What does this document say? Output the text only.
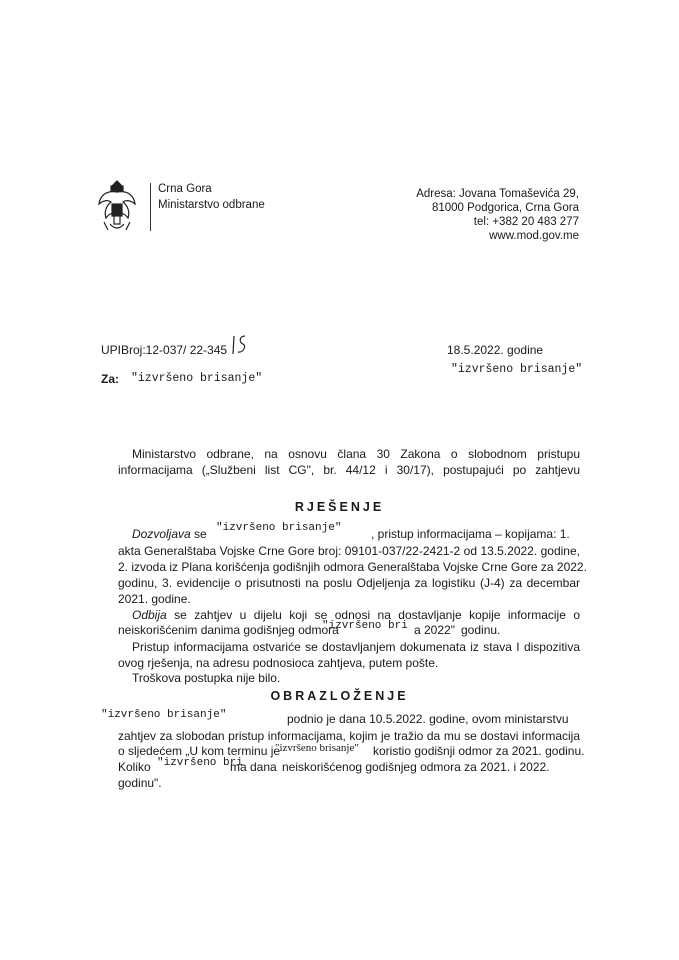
Crna Gora
Ministarstvo odbrane
Adresa: Jovana Tomaševića 29,
81000 Podgorica, Crna Gora
tel: +382 20 483 277
www.mod.gov.me
UPIBroj:12-037/ 22-345	18.5.2022. godine
"izvršeno brisanje"
Za: "izvršeno brisanje"
Ministarstvo odbrane, na osnovu člana 30 Zakona o slobodnom pristupu
informacijama („Službeni list CG", br. 44/12 i 30/17), postupajući po zahtjevu
RJEŠENJE
Dozvoljava se "izvršeno brisanje" , pristup informacijama – kopijama: 1.
akta Generalštaba Vojske Crne Gore broj: 09101-037/22-2421-2 od 13.5.2022. godine,
2. izvoda iz Plana korišćenja godišnjih odmora Generalštaba Vojske Crne Gore za 2022.
godinu, 3. evidencije o prisutnosti na poslu Odjeljenja za logistiku (J-4) za decembar
2021. godine.
Odbija se zahtjev u dijelu koji se odnosi na dostavljanje kopije informacije o
neiskorišćenim danima godišnjeg odmora
"izvršeno bri a 2022" godinu.
Pristup informacijama ostvariće se dostavljanjem dokumenata iz stava I dispozitiva
ovog rješenja, na adresu podnosioca zahtjeva, putem pošte.
Troškova postupka nije bilo.
OBRAZLOŽENJE
"izvršeno brisanje"	podnio je dana 10.5.2022. godine, ovom ministarstvu
zahtjev za slobodan pristup informacijama, kojim je tražio da mu se dostavi informacija
o sljedećem „U kom terminu je
"izvršeno brisanje" koristio godišnji odmor za 2021. godinu.
Koliko "izvršeno bri
ma dana neiskorišćenog godišnjeg odmora za 2021. i 2022.
godinu".
